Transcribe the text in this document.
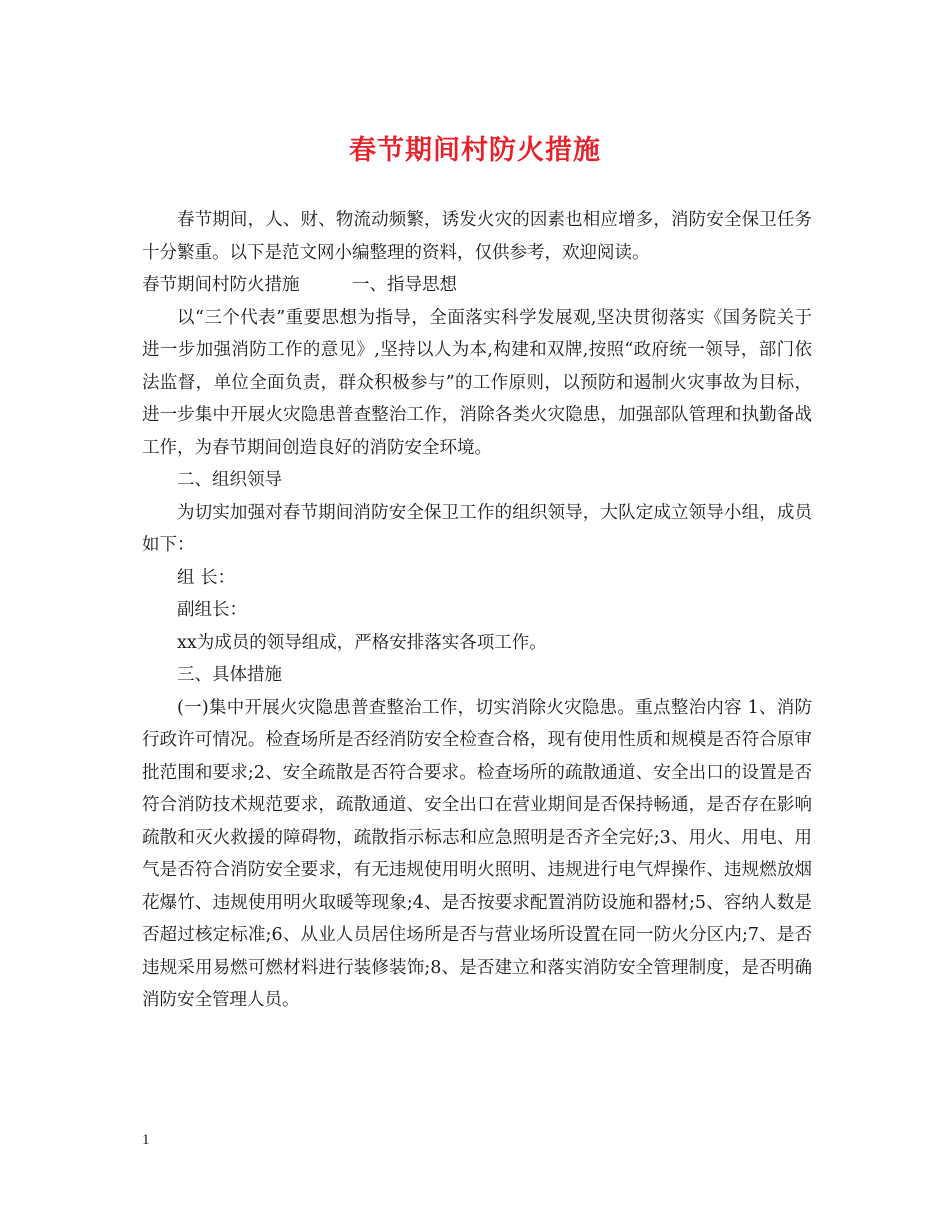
春节期间村防火措施

春节期间，人、财、物流动频繁，诱发火灾的因素也相应增多，消防安全保卫任务十分繁重。以下是范文网小编整理的资料，仅供参考，欢迎阅读。

春节期间村防火措施　　　一、指导思想

以“三个代表”重要思想为指导，全面落实科学发展观,坚决贯彻落实《国务院关于进一步加强消防工作的意见》,坚持以人为本,构建和双牌,按照“政府统一领导，部门依法监督，单位全面负责，群众积极参与”的工作原则，以预防和遏制火灾事故为目标，进一步集中开展火灾隐患普查整治工作，消除各类火灾隐患，加强部队管理和执勤备战工作，为春节期间创造良好的消防安全环境。

二、组织领导

为切实加强对春节期间消防安全保卫工作的组织领导，大队定成立领导小组，成员如下：

组 长：

副组长：

xx为成员的领导组成，严格安排落实各项工作。

三、具体措施

(一)集中开展火灾隐患普查整治工作，切实消除火灾隐患。重点整治内容 1、消防行政许可情况。检查场所是否经消防安全检查合格，现有使用性质和规模是否符合原审批范围和要求;2、安全疏散是否符合要求。检查场所的疏散通道、安全出口的设置是否符合消防技术规范要求，疏散通道、安全出口在营业期间是否保持畅通，是否存在影响疏散和灭火救援的障碍物，疏散指示标志和应急照明是否齐全完好;3、用火、用电、用气是否符合消防安全要求，有无违规使用明火照明、违规进行电气焊操作、违规燃放烟花爆竹、违规使用明火取暖等现象;4、是否按要求配置消防设施和器材;5、容纳人数是否超过核定标准;6、从业人员居住场所是否与营业场所设置在同一防火分区内;7、是否违规采用易燃可燃材料进行装修装饰;8、是否建立和落实消防安全管理制度，是否明确消防安全管理人员。

1
